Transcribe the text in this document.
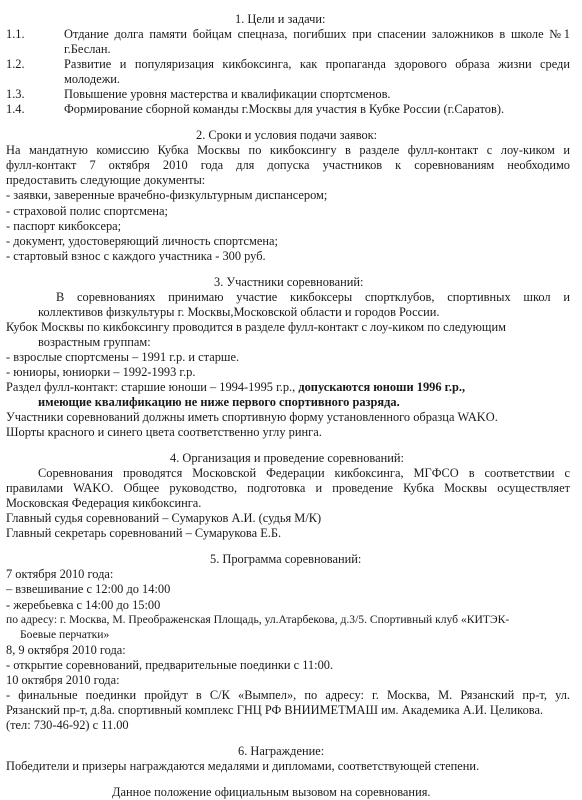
1. Цели и задачи:
1.1.	Отдание долга памяти бойцам спецназа, погибших при спасении заложников в школе №1
г.Беслан.
1.2.	Развитие и популяризация кикбоксинга, как пропаганда здорового образа жизни среди
молодежи.
1.3.	Повышение уровня мастерства и квалификации спортсменов.
1.4.	Формирование сборной команды г.Москвы для участия в Кубке России (г.Саратов).
2. Сроки и условия подачи заявок:
На мандатную комиссию Кубка Москвы по кикбоксингу в разделе фулл-контакт с лоу-киком и
фулл-контакт 7 октября 2010 года для допуска участников к соревнованиям необходимо
предоставить следующие документы:
- заявки, заверенные врачебно-физкультурным диспансером;
- страховой полис спортсмена;
- паспорт кикбоксера;
- документ, удостоверяющий личность спортсмена;
- стартовый взнос с каждого участника - 300 руб.
3. Участники соревнований:
В соревнованиях принимаю участие кикбоксеры спортклубов, спортивных школ и
коллективов физкультуры г. Москвы,Московской области и городов России.
Кубок Москвы по кикбоксингу проводится в разделе фулл-контакт с лоу-киком по следующим
возрастным группам:
- взрослые спортсмены – 1991 г.р. и старше.
- юниоры, юниорки – 1992-1993 г.р.
Раздел фулл-контакт: старшие юноши – 1994-1995 г.р., допускаются юноши 1996 г.р.,
имеющие квалификацию не ниже первого спортивного разряда.
Участники соревнований должны иметь спортивную форму установленного образца WAKO.
Шорты красного и синего цвета соответственно углу ринга.
4. Организация и проведение соревнований:
Соревнования проводятся Московской Федерации кикбоксинга, МГФСО в соответствии с
правилами WAKO. Общее руководство, подготовка и проведение Кубка Москвы осуществляет
Московская Федерация кикбоксинга.
Главный судья соревнований – Сумаруков А.И. (судья М/К)
Главный секретарь соревнований – Сумарукова Е.Б.
5. Программа соревнований:
7 октября 2010 года:
– взвешивание с 12:00 до 14:00
- жеребьевка с 14:00 до 15:00
по адресу: г. Москва, М. Преображенская Площадь, ул.Атарбекова, д.3/5. Спортивный клуб «КИТЭК-
Боевые перчатки»
8, 9 октября 2010 года:
- открытие соревнований, предварительные поединки с 11:00.
10 октября 2010 года:
- финальные поединки пройдут в С/К «Вымпел», по адресу: г. Москва, М. Рязанский пр-т, ул.
Рязанский пр-т, д.8а. спортивный комплекс ГНЦ РФ ВНИИМЕТМАШ им. Академика А.И. Целикова.
(тел: 730-46-92) с 11.00
6. Награждение:
Победители и призеры награждаются медалями и дипломами, соответствующей степени.
Данное положение официальным вызовом на соревнования.
